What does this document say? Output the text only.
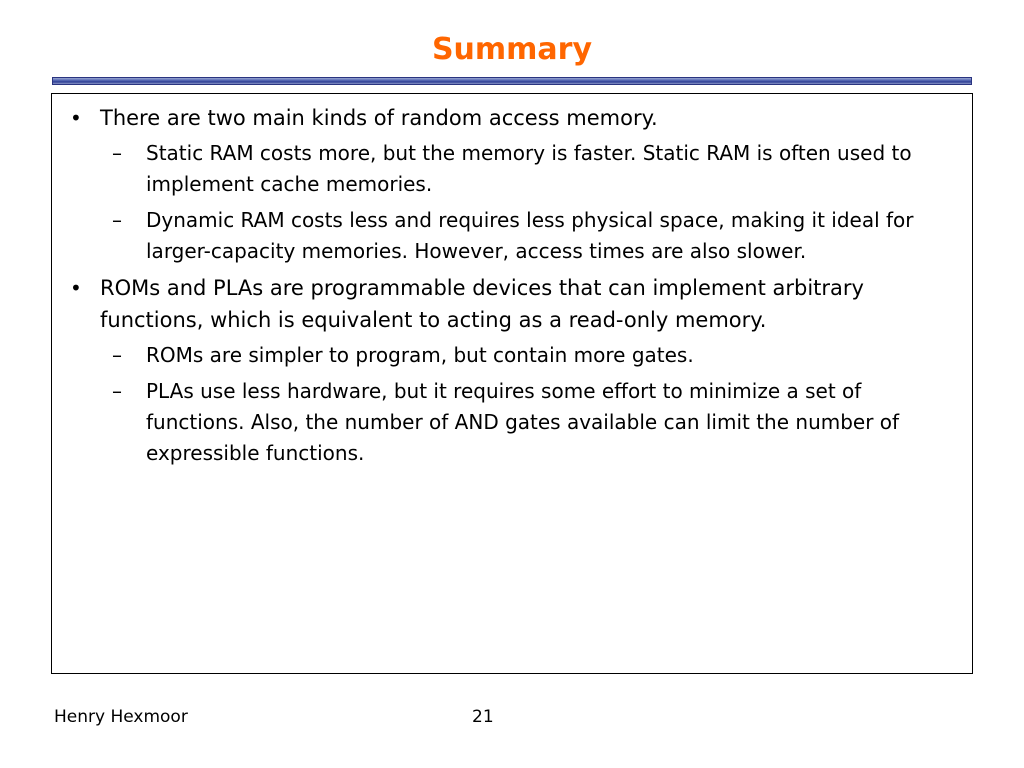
Summary
• There are two main kinds of random access memory.
– Static RAM costs more, but the memory is faster. Static RAM is often used to implement cache memories.
– Dynamic RAM costs less and requires less physical space, making it ideal for larger-capacity memories. However, access times are also slower.
• ROMs and PLAs are programmable devices that can implement arbitrary functions, which is equivalent to acting as a read-only memory.
– ROMs are simpler to program, but contain more gates.
– PLAs use less hardware, but it requires some effort to minimize a set of functions. Also, the number of AND gates available can limit the number of expressible functions.
Henry Hexmoor	21
